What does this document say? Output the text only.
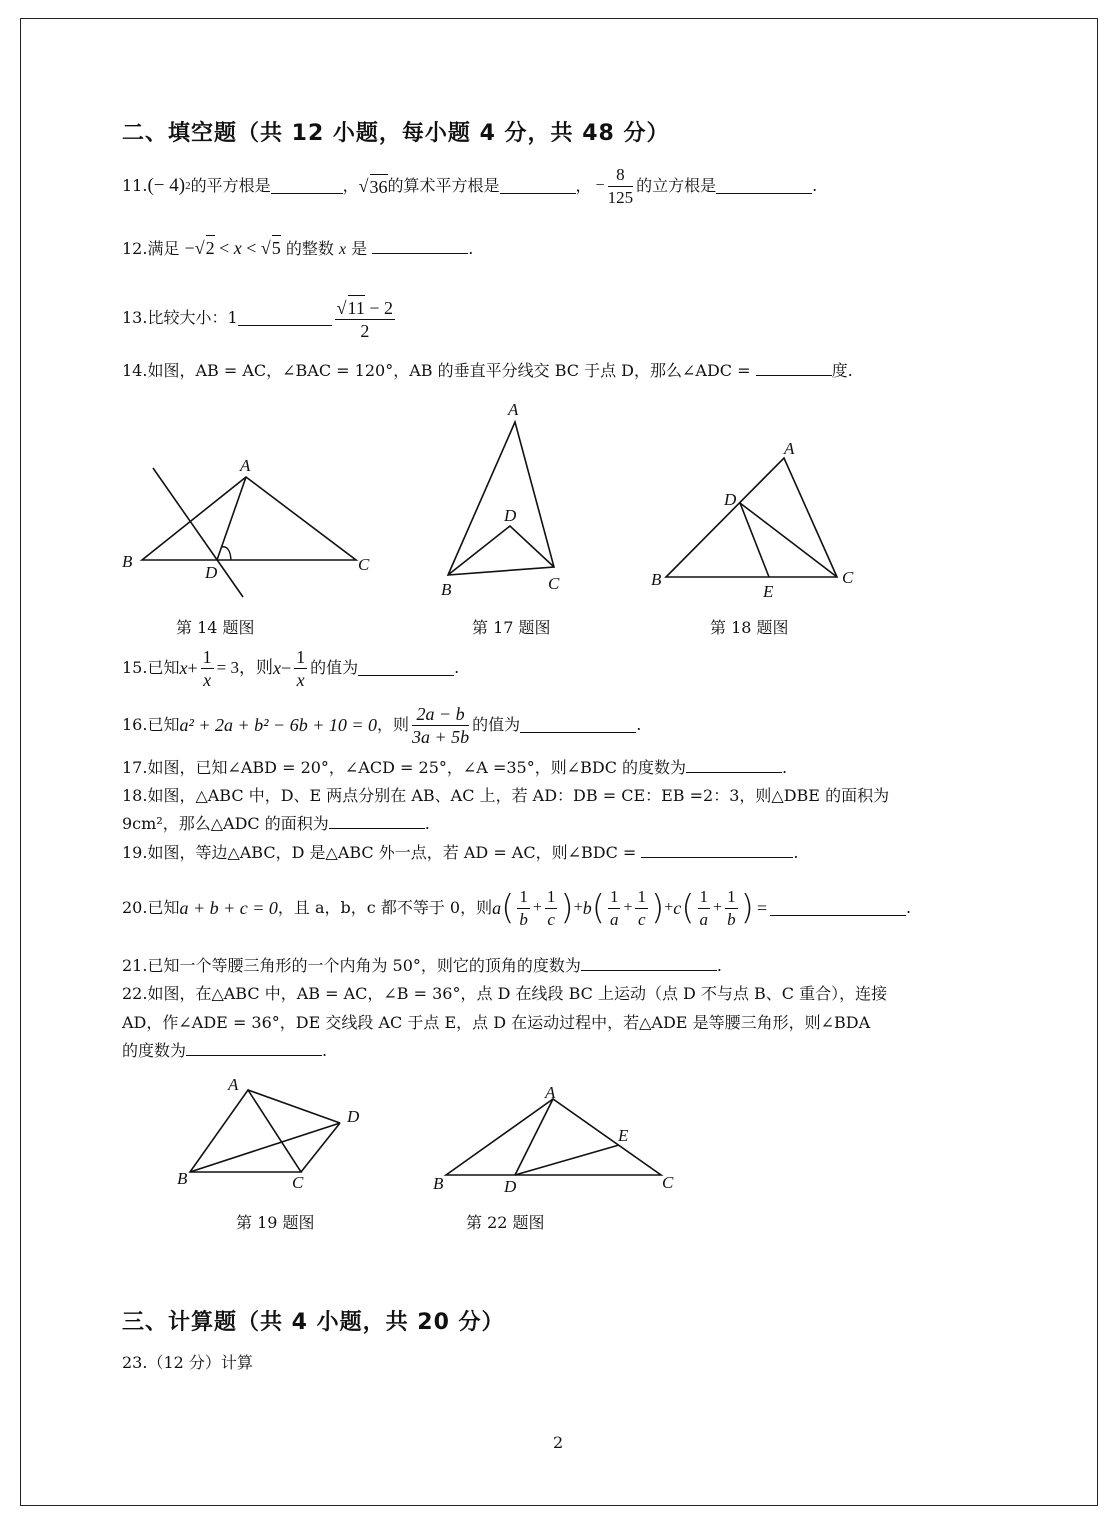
二、填空题（共 12 小题，每小题 4 分，共 48 分）
11. (− 4) 2 的平方根是	， √ 36 的算术平方根是	， − $\frac{8}{125}$ 的立方根是	.
12.满足 −√2 < x < √5 的整数 x 是	.
13. 比较大小：1	$\frac{√11 - 2}{2}$
14.如图，AB = AC，∠BAC = 120°，AB 的垂直平分线交 BC 于点 D，那么∠ADC =	度.
A
B
D	C
A
D
B	C
A
D
B
E
C
第 14 题图	第 17 题图	第 18 题图
15. 已知 $x + \frac{1}{x} = 3$，则 $x - \frac{1}{x}$ 的值为	.
16. 已知 a² + 2a + b² − 6b + 10 = 0 ，则 $\frac{2a - b}{3a + 5b}$ 的值为	.
17.如图，已知∠ABD = 20°，∠ACD = 25°，∠A =35°，则∠BDC 的度数为	.
18.如图，△ABC 中，D、E 两点分别在 AB、AC 上，若 AD：DB = CE：EB =2：3，则△DBE 的面积为
9cm²，那么△ADC 的面积为	.
19.如图，等边△ABC，D 是△ABC 外一点，若 AD = AC，则∠BDC =	.
20. 已知 a + b + c = 0 ，且 a，b，c 都不等于 0，则 a ( $\frac{1}{b} + \frac{1}{c}$ ) + b ( $\frac{1}{a} + \frac{1}{c}$ ) + c ( $\frac{1}{a} + \frac{1}{b}$ ) =	.
21.已知一个等腰三角形的一个内角为 50°，则它的顶角的度数为	.
22.如图，在△ABC 中，AB = AC，∠B = 36°，点 D 在线段 BC 上运动（点 D 不与点 B、C 重合），连接
AD，作∠ADE = 36°，DE 交线段 AC 于点 E，点 D 在运动过程中，若△ADE 是等腰三角形，则∠BDA
的度数为	.
A
D
B	C
A
E
B	D	C
第 19 题图	第 22 题图
三、计算题（共 4 小题，共 20 分）
23.（12 分）计算
2
